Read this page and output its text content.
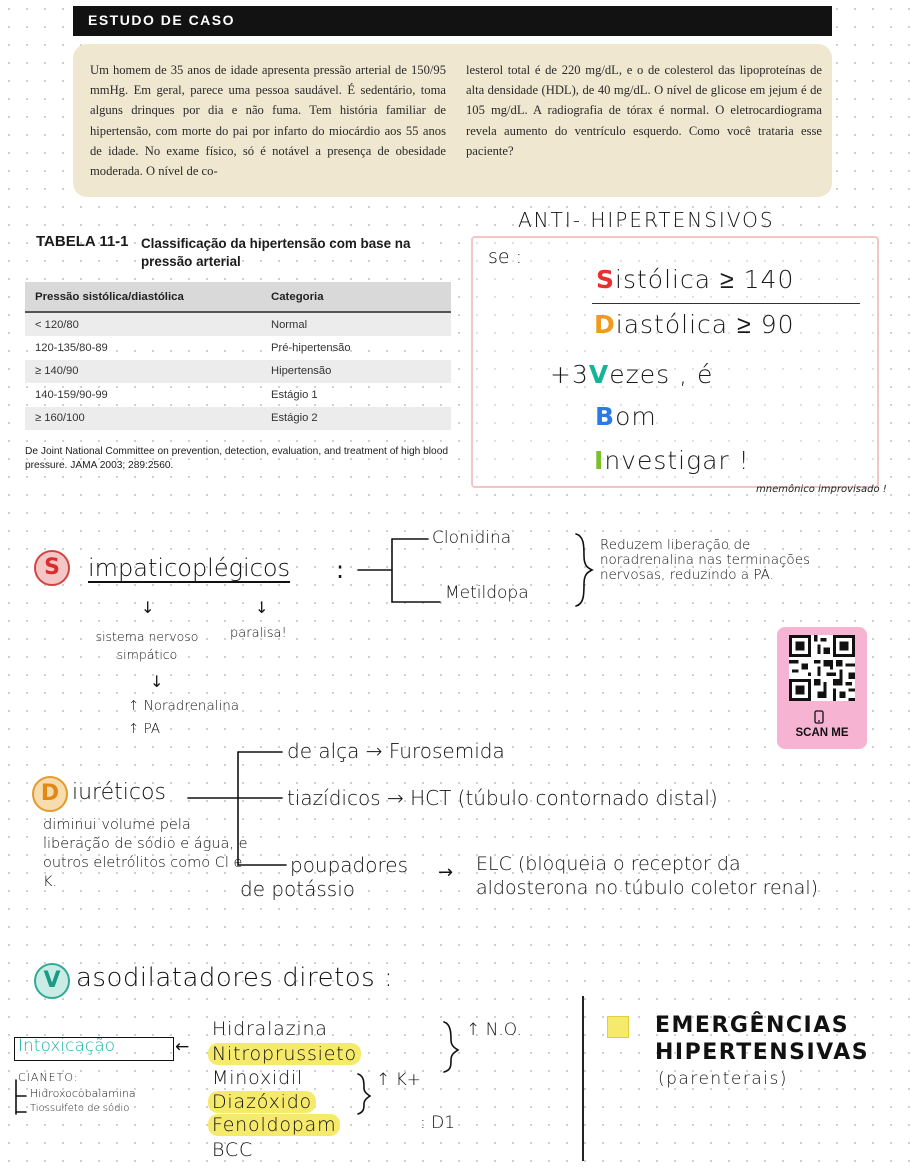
ESTUDO DE CASO
Um homem de 35 anos de idade apresenta pressão arterial de 150/95 mmHg. Em geral, parece uma pessoa saudável. É sedentário, toma alguns drinques por dia e não fuma. Tem história familiar de hipertensão, com morte do pai por infarto do miocárdio aos 55 anos de idade. No exame físico, só é notável a presença de obesidade moderada. O nível de co-
lesterol total é de 220 mg/dL, e o de colesterol das lipoproteínas de alta densidade (HDL), de 40 mg/dL. O nível de glicose em jejum é de 105 mg/dL. A radiografia de tórax é normal. O eletrocardiograma revela aumento do ventrículo esquerdo. Como você trataria esse paciente?
TABELA 11-1 Classificação da hipertensão com base na pressão arterial
Pressão sistólica/diastólica	Categoria
< 120/80	Normal
120-135/80-89	Pré-hipertensão
≥ 140/90	Hipertensão
140-159/90-99	Estágio 1
≥ 160/100	Estágio 2
De Joint National Committee on prevention, detection, evaluation, and treatment of high blood pressure. JAMA 2003; 289:2560.
ANTI- HIPERTENSIVOS
se :
Sistólica ≥ 140
Diastólica ≥ 90
+3Vezes , é
Bom
Investigar !
mnemônico improvisado !
S	impaticoplégicos :
↓	↓
sistema nervoso simpático
paralisa!
↓
↑ Noradrenalina
↑ PA
Clonidina
Metildopa
Reduzem liberação de noradrenalina nas terminações nervosas, reduzindo a PA.
SCAN ME
D iuréticos
de alça → Furosemida
tiazídicos → HCT (túbulo contornado distal)
poupadores
de potássio
→ ELC (bloqueia o receptor da aldosterona no túbulo coletor renal)
diminui volume pela liberação de sódio e água, e outros eletrólitos como Cl e K.
V asodilatadores diretos :
Intoxicação	←
CIANETO:
Hidroxocobalamina
Tiossulfeto de sódio
Hidralazina
Nitroprussieto
Minoxidil
Diazóxido
Fenoldopam
BCC
↑ N.O.
↑ K+
: D1
EMERGÊNCIAS
HIPERTENSIVAS
(parenterais)
